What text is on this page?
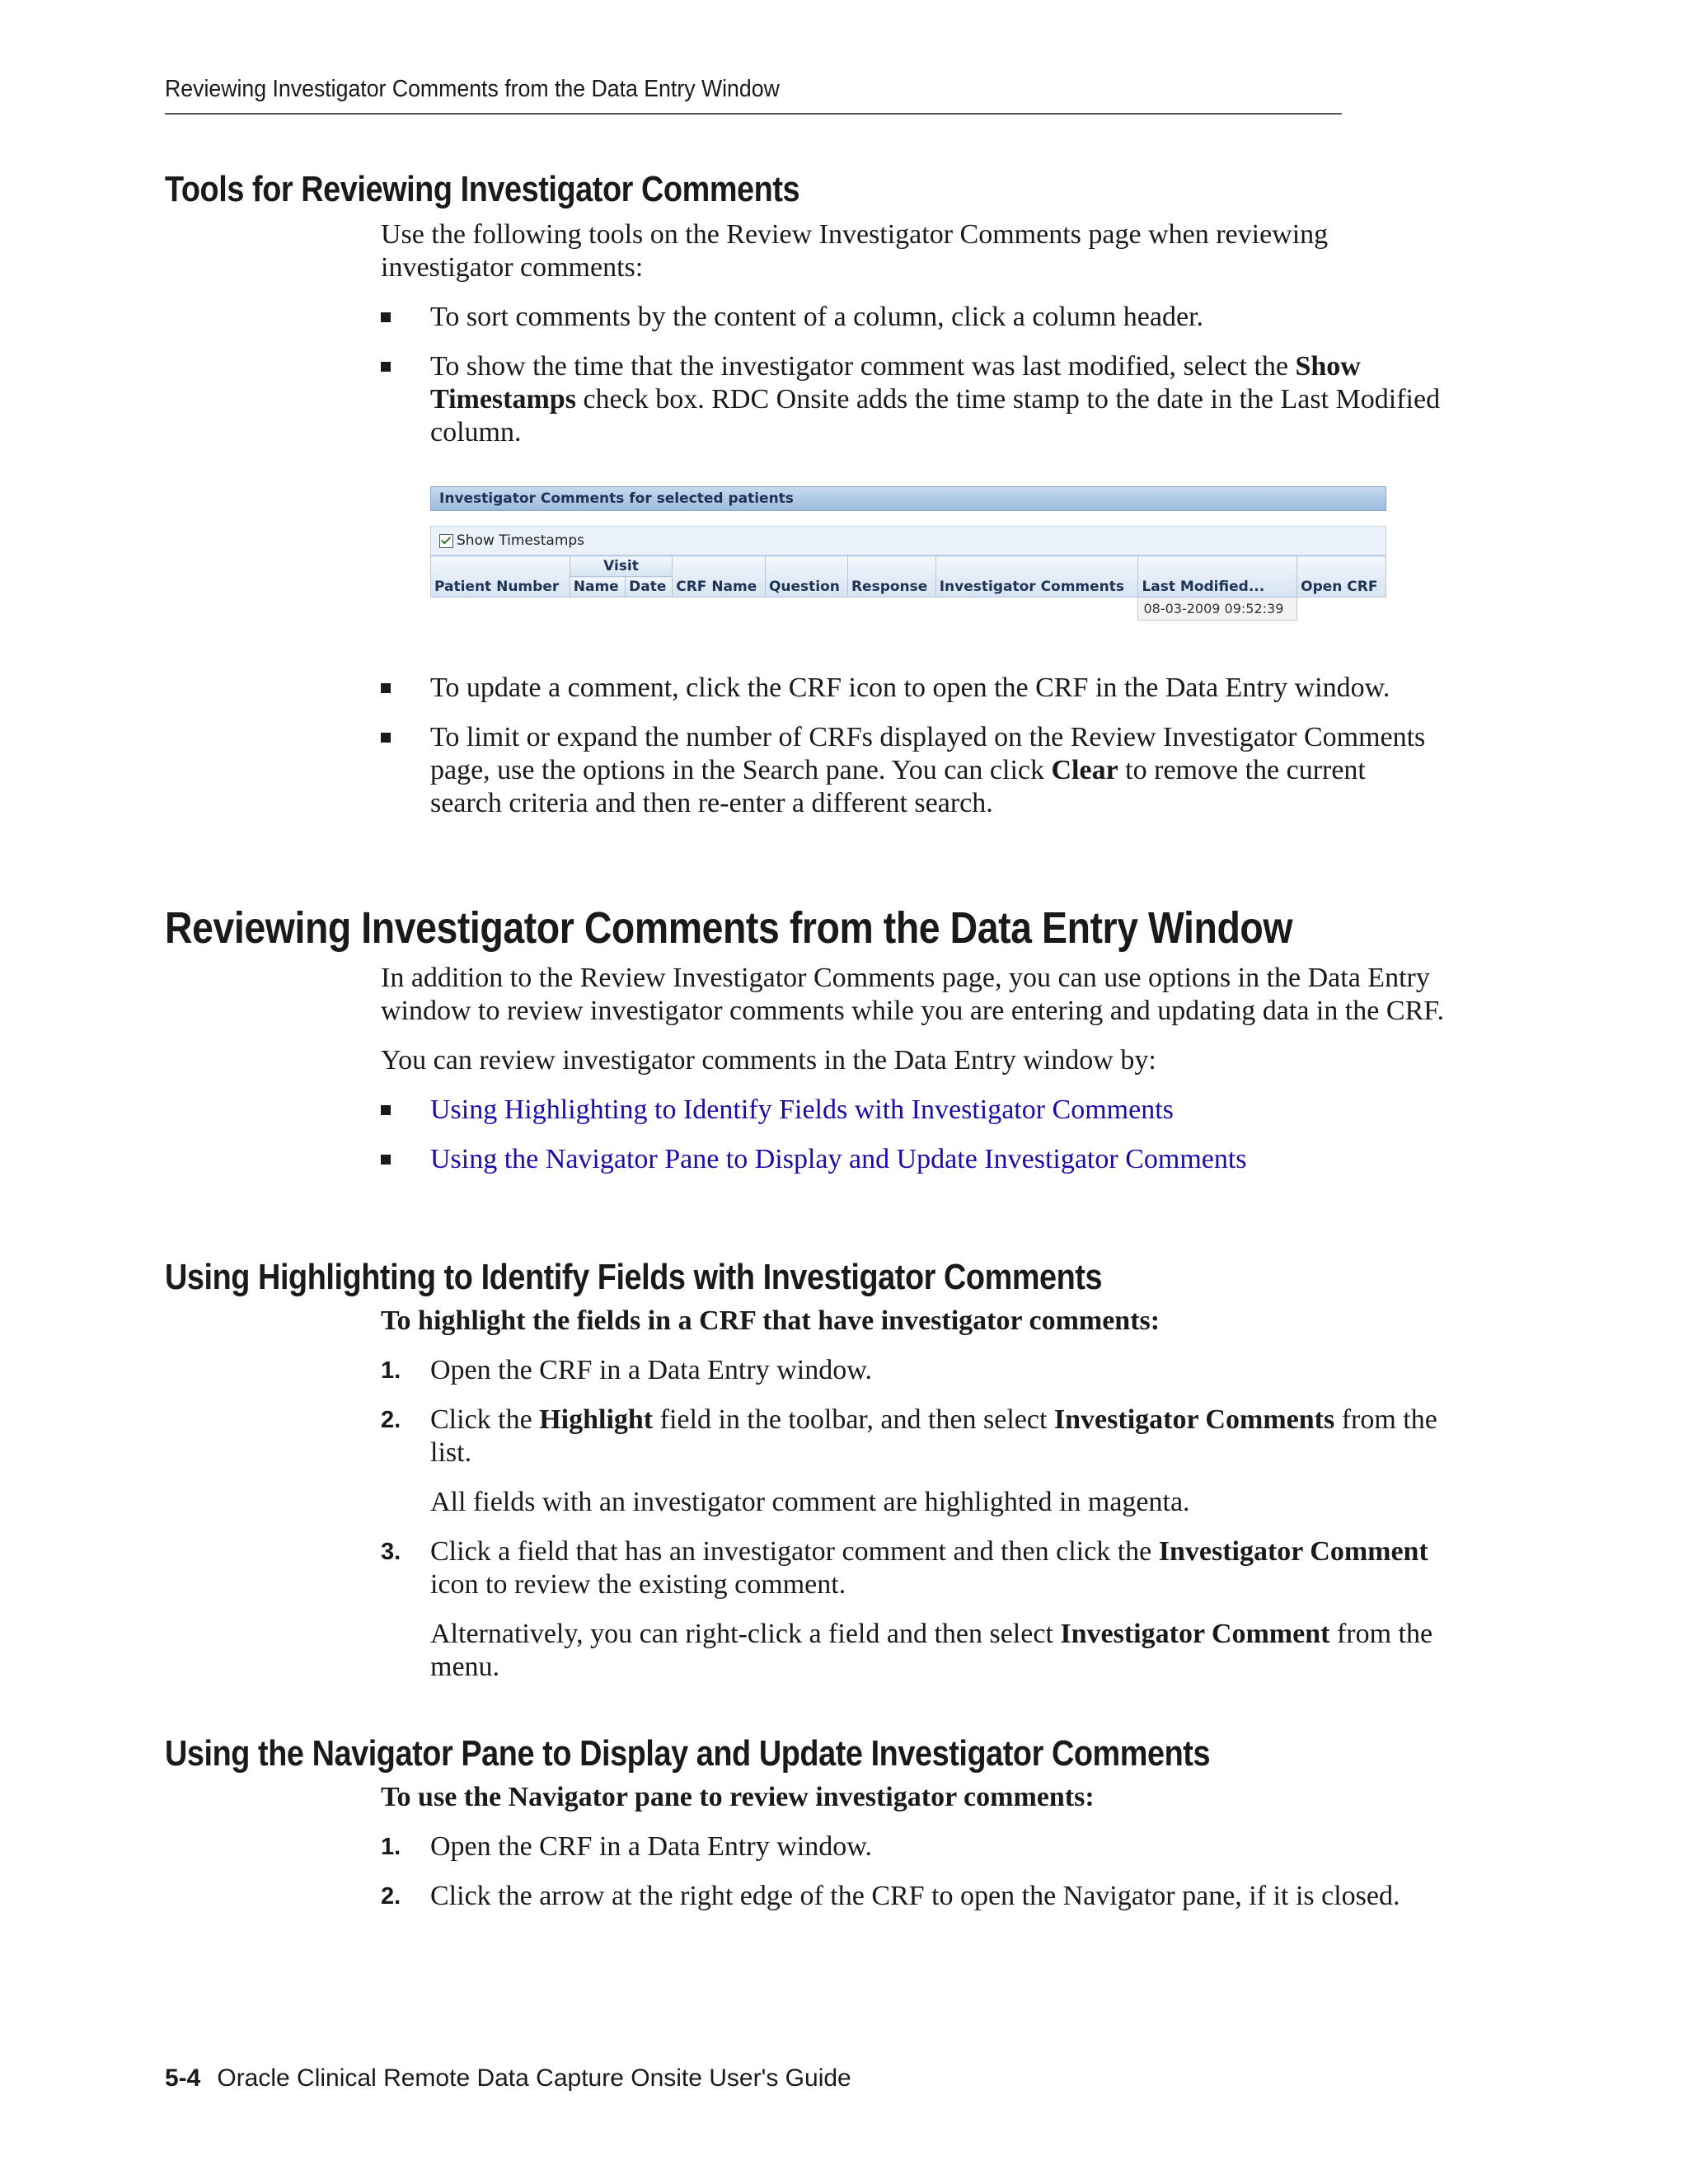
Reviewing Investigator Comments from the Data Entry Window
Tools for Reviewing Investigator Comments

Use the following tools on the Review Investigator Comments page when reviewing investigator comments:

To sort comments by the content of a column, click a column header.
To show the time that the investigator comment was last modified, select the Show Timestamps check box. RDC Onsite adds the time stamp to the date in the Last Modified column.
Investigator Comments for selected patients
Show Timestamps
Patient Number	Visit		CRF Name	Question	Response	Investigator Comments	Last Modified...	Open CRF
	Name	Date						
							08-03-2009 09:52:39	
To update a comment, click the CRF icon to open the CRF in the Data Entry window.
To limit or expand the number of CRFs displayed on the Review Investigator Comments page, use the options in the Search pane. You can click Clear to remove the current search criteria and then re-enter a different search.
Reviewing Investigator Comments from the Data Entry Window

In addition to the Review Investigator Comments page, you can use options in the Data Entry window to review investigator comments while you are entering and updating data in the CRF.

You can review investigator comments in the Data Entry window by:

Using Highlighting to Identify Fields with Investigator Comments
Using the Navigator Pane to Display and Update Investigator Comments
Using Highlighting to Identify Fields with Investigator Comments

To highlight the fields in a CRF that have investigator comments:

1. Open the CRF in a Data Entry window.

2. Click the Highlight field in the toolbar, and then select Investigator Comments from the list.

All fields with an investigator comment are highlighted in magenta.

3. Click a field that has an investigator comment and then click the Investigator Comment icon to review the existing comment.

Alternatively, you can right-click a field and then select Investigator Comment from the menu.

Using the Navigator Pane to Display and Update Investigator Comments

To use the Navigator pane to review investigator comments:

1. Open the CRF in a Data Entry window.

2. Click the arrow at the right edge of the CRF to open the Navigator pane, if it is closed.

5-4 Oracle Clinical Remote Data Capture Onsite User's Guide
